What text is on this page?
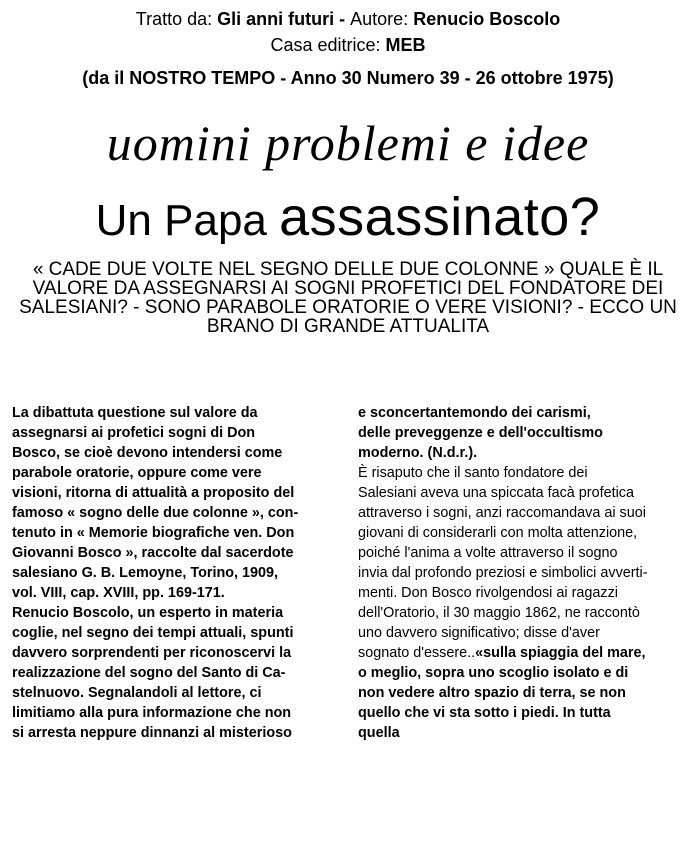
Tratto da: Gli anni futuri - Autore: Renucio Boscolo
Casa editrice: MEB
(da il NOSTRO TEMPO - Anno 30 Numero 39 - 26 ottobre 1975)
uomini problemi e idee
Un Papa assassinato?
« CADE DUE VOLTE NEL SEGNO DELLE DUE COLONNE » QUALE È IL VALORE DA ASSEGNARSI AI SOGNI PROFETICI DEL FONDATORE DEI SALESIANI? - SONO PARABOLE ORATORIE O VERE VISIONI? - ECCO UN BRANO DI GRANDE ATTUALITA
La dibattuta questione sul valore da
assegnarsi ai profetici sogni di Don
Bosco, se cioè devono intendersi come
parabole oratorie, oppure come vere
visioni, ritorna di attualità a proposito del
famoso « sogno delle due colonne », con-
tenuto in « Memorie biografiche ven. Don
Giovanni Bosco », raccolte dal sacerdote
salesiano G. B. Lemoyne, Torino, 1909,
vol. VIII, cap. XVIII, pp. 169-171.
Renucio Boscolo, un esperto in materia
coglie, nel segno dei tempi attuali, spunti
davvero sorprendenti per riconoscervi la
realizzazione del sogno del Santo di Ca-
stelnuovo. Segnalandoli al lettore, ci
limitiamo alla pura informazione che non
si arresta neppure dinnanzi al misterioso
e sconcertantemondo dei carismi,
delle preveggenze e dell'occultismo
moderno. (N.d.r.).
È risaputo che il santo fondatore dei
Salesiani aveva una spiccata facà profetica
attraverso i sogni, anzi raccomandava ai suoi
giovani di considerarli con molta attenzione,
poiché l'anima a volte attraverso il sogno
invia dal profondo preziosi e simbolici avverti-
menti. Don Bosco rivolgendosi ai ragazzi
dell'Oratorio, il 30 maggio 1862, ne raccontò
uno davvero significativo; disse d'aver
sognato d'essere..«sulla spiaggia del mare,
o meglio, sopra uno scoglio isolato e di
non vedere altro spazio di terra, se non
quello che vi sta sotto i piedi. In tutta
quella
